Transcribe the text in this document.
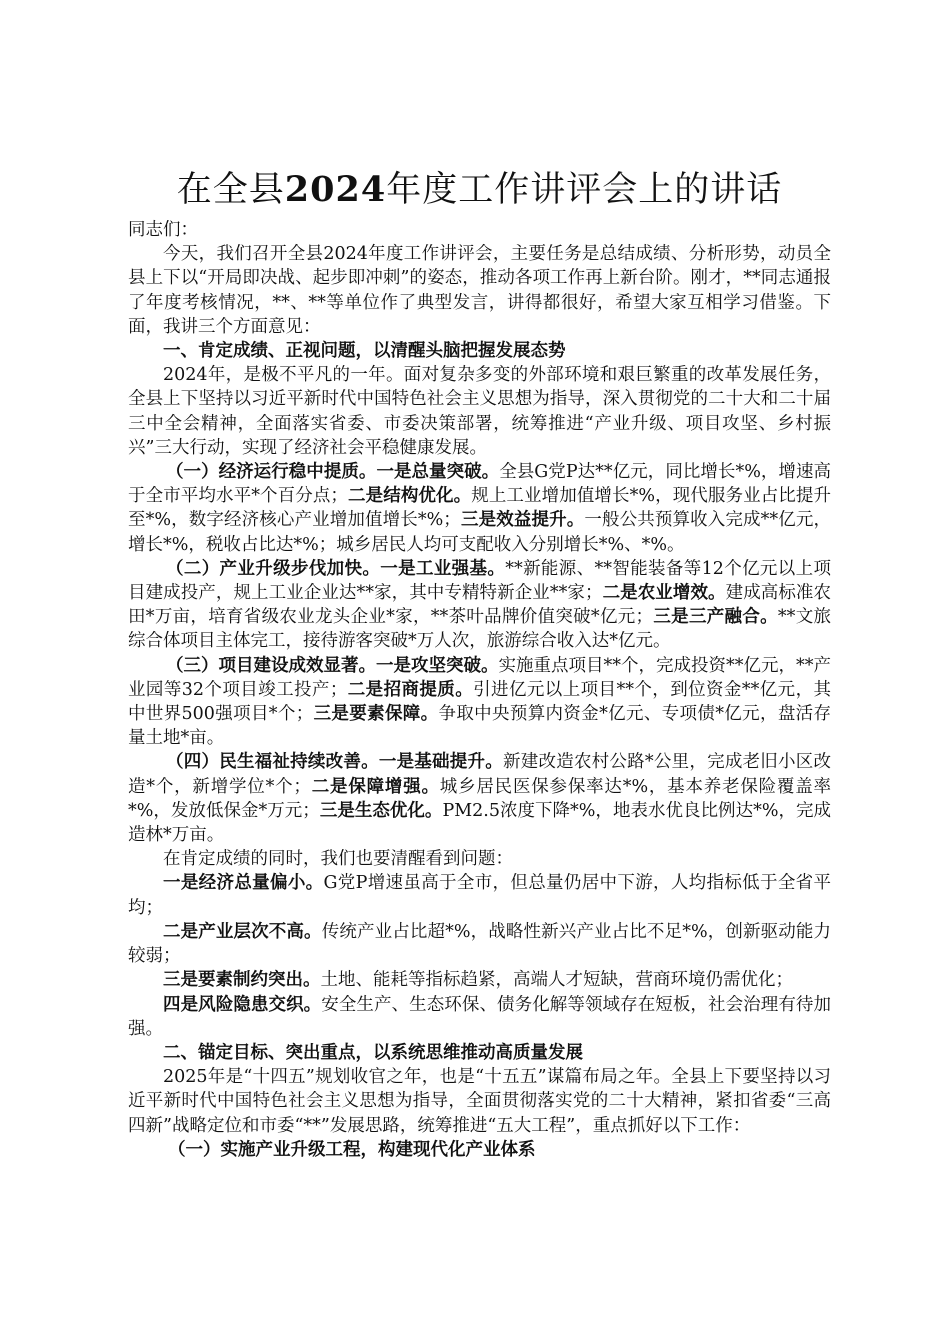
在全县2024年度工作讲评会上的讲话

同志们：

今天，我们召开全县2024年度工作讲评会，主要任务是总结成绩、分析形势，动员全县上下以“开局即决战、起步即冲刺”的姿态，推动各项工作再上新台阶。刚才，**同志通报了年度考核情况，**、**等单位作了典型发言，讲得都很好，希望大家互相学习借鉴。下面，我讲三个方面意见：

一、肯定成绩、正视问题，以清醒头脑把握发展态势

2024年，是极不平凡的一年。面对复杂多变的外部环境和艰巨繁重的改革发展任务，全县上下坚持以习近平新时代中国特色社会主义思想为指导，深入贯彻党的二十大和二十届三中全会精神，全面落实省委、市委决策部署，统筹推进“产业升级、项目攻坚、乡村振兴”三大行动，实现了经济社会平稳健康发展。

（一）经济运行稳中提质。一是总量突破。全县G党P达**亿元，同比增长*%，增速高于全市平均水平*个百分点；二是结构优化。规上工业增加值增长*%，现代服务业占比提升至*%，数字经济核心产业增加值增长*%；三是效益提升。一般公共预算收入完成**亿元，增长*%，税收占比达*%；城乡居民人均可支配收入分别增长*%、*%。

（二）产业升级步伐加快。一是工业强基。**新能源、**智能装备等12个亿元以上项目建成投产，规上工业企业达**家，其中专精特新企业**家；二是农业增效。建成高标准农田*万亩，培育省级农业龙头企业*家，**茶叶品牌价值突破*亿元；三是三产融合。**文旅综合体项目主体完工，接待游客突破*万人次，旅游综合收入达*亿元。

（三）项目建设成效显著。一是攻坚突破。实施重点项目**个，完成投资**亿元，**产业园等32个项目竣工投产；二是招商提质。引进亿元以上项目**个，到位资金**亿元，其中世界500强项目*个；三是要素保障。争取中央预算内资金*亿元、专项债*亿元，盘活存量土地*亩。

（四）民生福祉持续改善。一是基础提升。新建改造农村公路*公里，完成老旧小区改造*个，新增学位*个；二是保障增强。城乡居民医保参保率达*%，基本养老保险覆盖率*%，发放低保金*万元；三是生态优化。PM2.5浓度下降*%，地表水优良比例达*%，完成造林*万亩。

在肯定成绩的同时，我们也要清醒看到问题：

一是经济总量偏小。G党P增速虽高于全市，但总量仍居中下游，人均指标低于全省平均；

二是产业层次不高。传统产业占比超*%，战略性新兴产业占比不足*%，创新驱动能力较弱；

三是要素制约突出。土地、能耗等指标趋紧，高端人才短缺，营商环境仍需优化；

四是风险隐患交织。安全生产、生态环保、债务化解等领域存在短板，社会治理有待加强。

二、锚定目标、突出重点，以系统思维推动高质量发展

2025年是“十四五”规划收官之年，也是“十五五”谋篇布局之年。全县上下要坚持以习近平新时代中国特色社会主义思想为指导，全面贯彻落实党的二十大精神，紧扣省委“三高四新”战略定位和市委“**”发展思路，统筹推进“五大工程”，重点抓好以下工作：

（一）实施产业升级工程，构建现代化产业体系
